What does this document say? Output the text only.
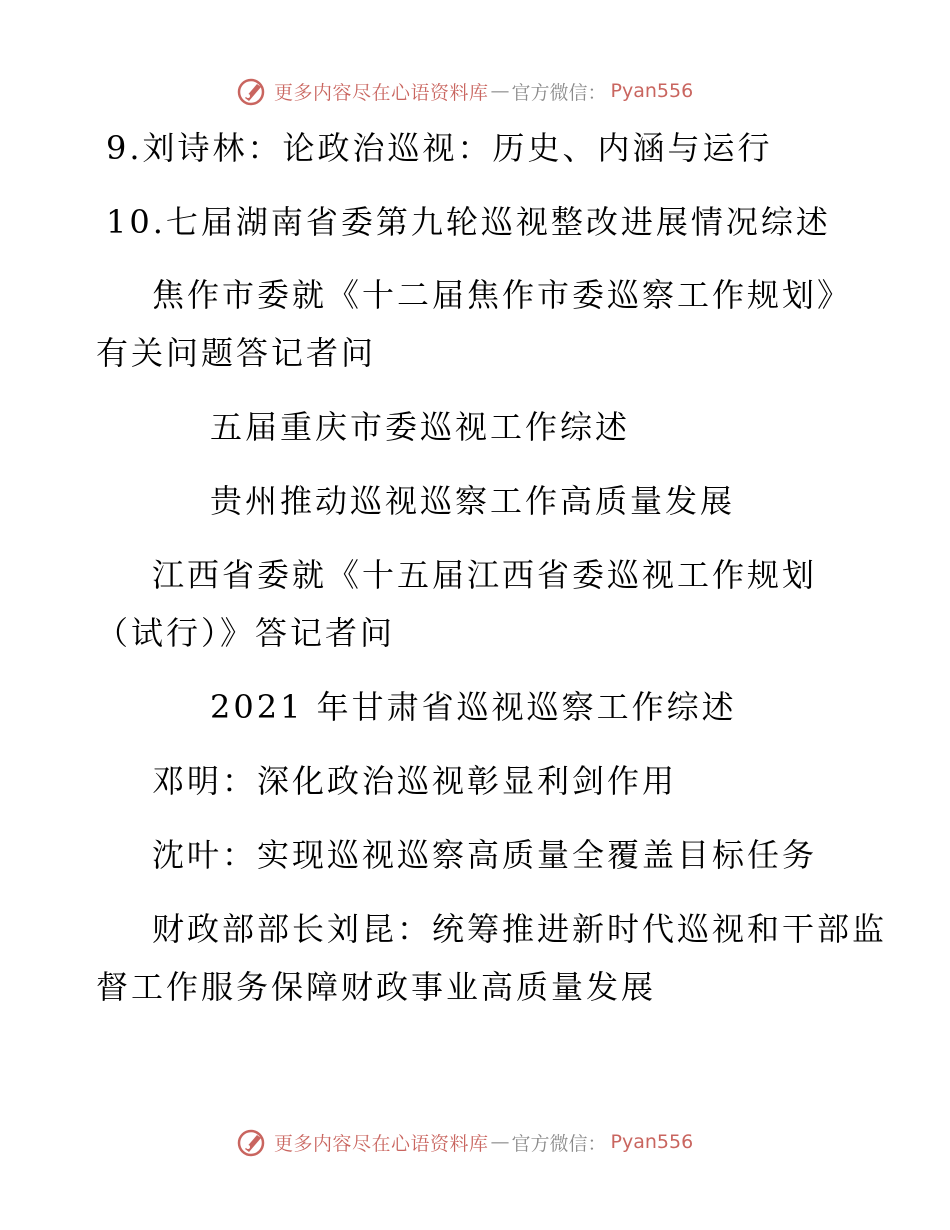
更多内容尽在心语资料库 — 官方微信： Pyan556
9.刘诗林：论政治巡视：历史、内涵与运行
10.七届湖南省委第九轮巡视整改进展情况综述
焦作市委就《十二届焦作市委巡察工作规划》
有关问题答记者问
五届重庆市委巡视工作综述
贵州推动巡视巡察工作高质量发展
江西省委就《十五届江西省委巡视工作规划
（试行）》答记者问
2021 年甘肃省巡视巡察工作综述
邓明：深化政治巡视彰显利剑作用
沈叶：实现巡视巡察高质量全覆盖目标任务
财政部部长刘昆：统筹推进新时代巡视和干部监
督工作服务保障财政事业高质量发展
更多内容尽在心语资料库 — 官方微信： Pyan556
